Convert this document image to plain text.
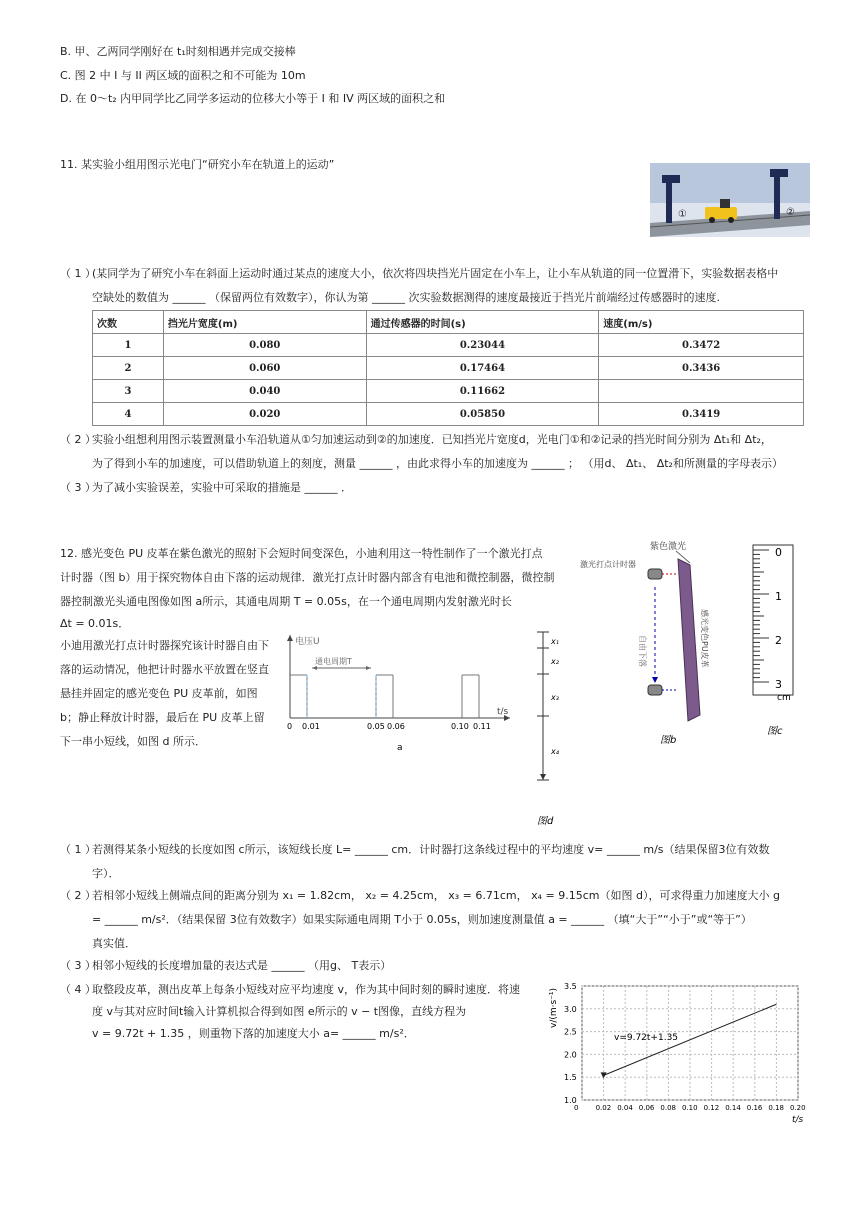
B. 甲、乙两同学刚好在 t₁时刻相遇并完成交接棒
C. 图 2 中 I 与 II 两区域的面积之和不可能为 10m
D. 在 0～t₂ 内甲同学比乙同学多运动的位移大小等于 I 和 IV 两区域的面积之和
11. 某实验小组用图示光电门“研究小车在轨道上的运动”
①	②
（ 1 ）
(某同学为了研究小车在斜面上运动时通过某点的速度大小，依次将四块挡光片固定在小车上，让小车从轨道的同一位置滑下，实验数据表格中
空缺处的数值为 ______ （保留两位有效数字），你认为第 ______ 次实验数据测得的速度最接近于挡光片前端经过传感器时的速度.
次数	挡光片宽度(m)	通过传感器的时间(s)	速度(m/s)
1	0.080	0.23044	0.3472
2	0.060	0.17464	0.3436
3	0.040	0.11662	
4	0.020	0.05850	0.3419
（ 2 ）
实验小组想利用图示装置测量小车沿轨道从①匀加速运动到②的加速度．已知挡光片宽度d，光电门①和②记录的挡光时间分别为 Δt₁和 Δt₂，
为了得到小车的加速度，可以借助轨道上的刻度，测量 ______ ，由此求得小车的加速度为 ______ ； （用d、 Δt₁、 Δt₂和所测量的字母表示）
（ 3 ）
为了减小实验误差，实验中可采取的措施是 ______ ．
12. 感光变色 PU 皮革在紫色激光的照射下会短时间变深色，小迪利用这一特性制作了一个激光打点
计时器（图 b）用于探究物体自由下落的运动规律．激光打点计时器内部含有电池和微控制器，微控制
器控制激光头通电图像如图 a所示，其通电周期 T = 0.05s，在一个通电周期内发射激光时长
Δt = 0.01s．
小迪用激光打点计时器探究该计时器自由下
落的运动情况，他把计时器水平放置在竖直
悬挂并固定的感光变色 PU 皮革前，如图
b；静止释放计时器，最后在 PU 皮革上留
下一串小短线，如图 d 所示．
电压U
通电周期T
t/s
0 0.01	0.05 0.06	0.10 0.11
a
x₁
x₂
x₃
x₄
图d
紫色激光
激光打点计时器
自由下落	感光变色PU皮革
图b
0
1
2
3
cm
图c
（ 1 ）
若测得某条小短线的长度如图 c所示，该短线长度 L= ______ cm．计时器打这条线过程中的平均速度 v= ______ m/s（结果保留3位有效数
字）．
（ 2 ）
若相邻小短线上侧端点间的距离分别为 x₁ = 1.82cm， x₂ = 4.25cm， x₃ = 6.71cm， x₄ = 9.15cm（如图 d），可求得重力加速度大小 g
= ______ m/s²．（结果保留 3位有效数字）如果实际通电周期 T小于 0.05s，则加速度测量值 a = ______ （填“大于”“小于”或“等于”）
真实值．
（ 3 ）
相邻小短线的长度增加量的表达式是 ______ （用g、 T表示）
（ 4 ）
取整段皮革，测出皮革上每条小短线对应平均速度 v，作为其中间时刻的瞬时速度．将速
度 v与其对应时间t输入计算机拟合得到如图 e所示的 v − t图像，直线方程为
v = 9.72t + 1.35 ，则重物下落的加速度大小 a= ______ m/s²．
0 0.02 0.04 0.06 0.08 0.10 0.12 0.14 0.16 0.18 0.20
1.0
1.5
2.0
2.5
3.0
3.5
v/(m·s⁻¹)
t/s
v=9.72t+1.35
